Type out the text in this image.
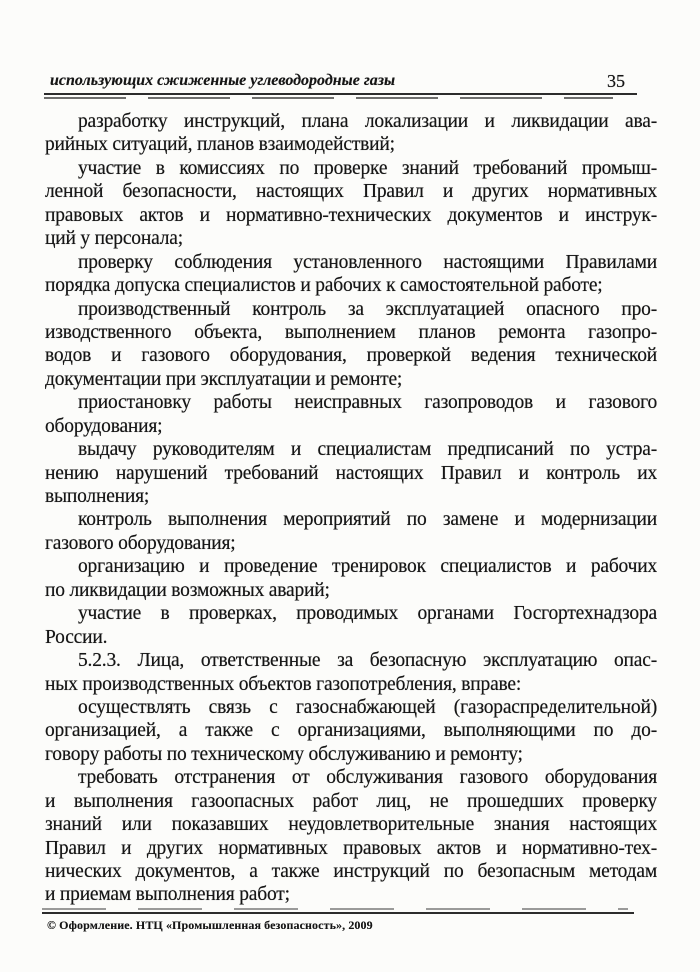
использующих сжиженные углеводородные газы	35
разработку инструкций, плана локализации и ликвидации ава-
рийных ситуаций, планов взаимодействий;
участие в комиссиях по проверке знаний требований промыш-
ленной безопасности, настоящих Правил и других нормативных
правовых актов и нормативно-технических документов и инструк-
ций у персонала;
проверку соблюдения установленного настоящими Правилами
порядка допуска специалистов и рабочих к самостоятельной работе;
производственный контроль за эксплуатацией опасного про-
изводственного объекта, выполнением планов ремонта газопро-
водов и газового оборудования, проверкой ведения технической
документации при эксплуатации и ремонте;
приостановку работы неисправных газопроводов и газового
оборудования;
выдачу руководителям и специалистам предписаний по устра-
нению нарушений требований настоящих Правил и контроль их
выполнения;
контроль выполнения мероприятий по замене и модернизации
газового оборудования;
организацию и проведение тренировок специалистов и рабочих
по ликвидации возможных аварий;
участие в проверках, проводимых органами Госгортехнадзора
России.
5.2.3. Лица, ответственные за безопасную эксплуатацию опас-
ных производственных объектов газопотребления, вправе:
осуществлять связь с газоснабжающей (газораспределительной)
организацией, а также с организациями, выполняющими по до-
говору работы по техническому обслуживанию и ремонту;
требовать отстранения от обслуживания газового оборудования
и выполнения газоопасных работ лиц, не прошедших проверку
знаний или показавших неудовлетворительные знания настоящих
Правил и других нормативных правовых актов и нормативно-тех-
нических документов, а также инструкций по безопасным методам
и приемам выполнения работ;
© Оформление. НТЦ «Промышленная безопасность», 2009
